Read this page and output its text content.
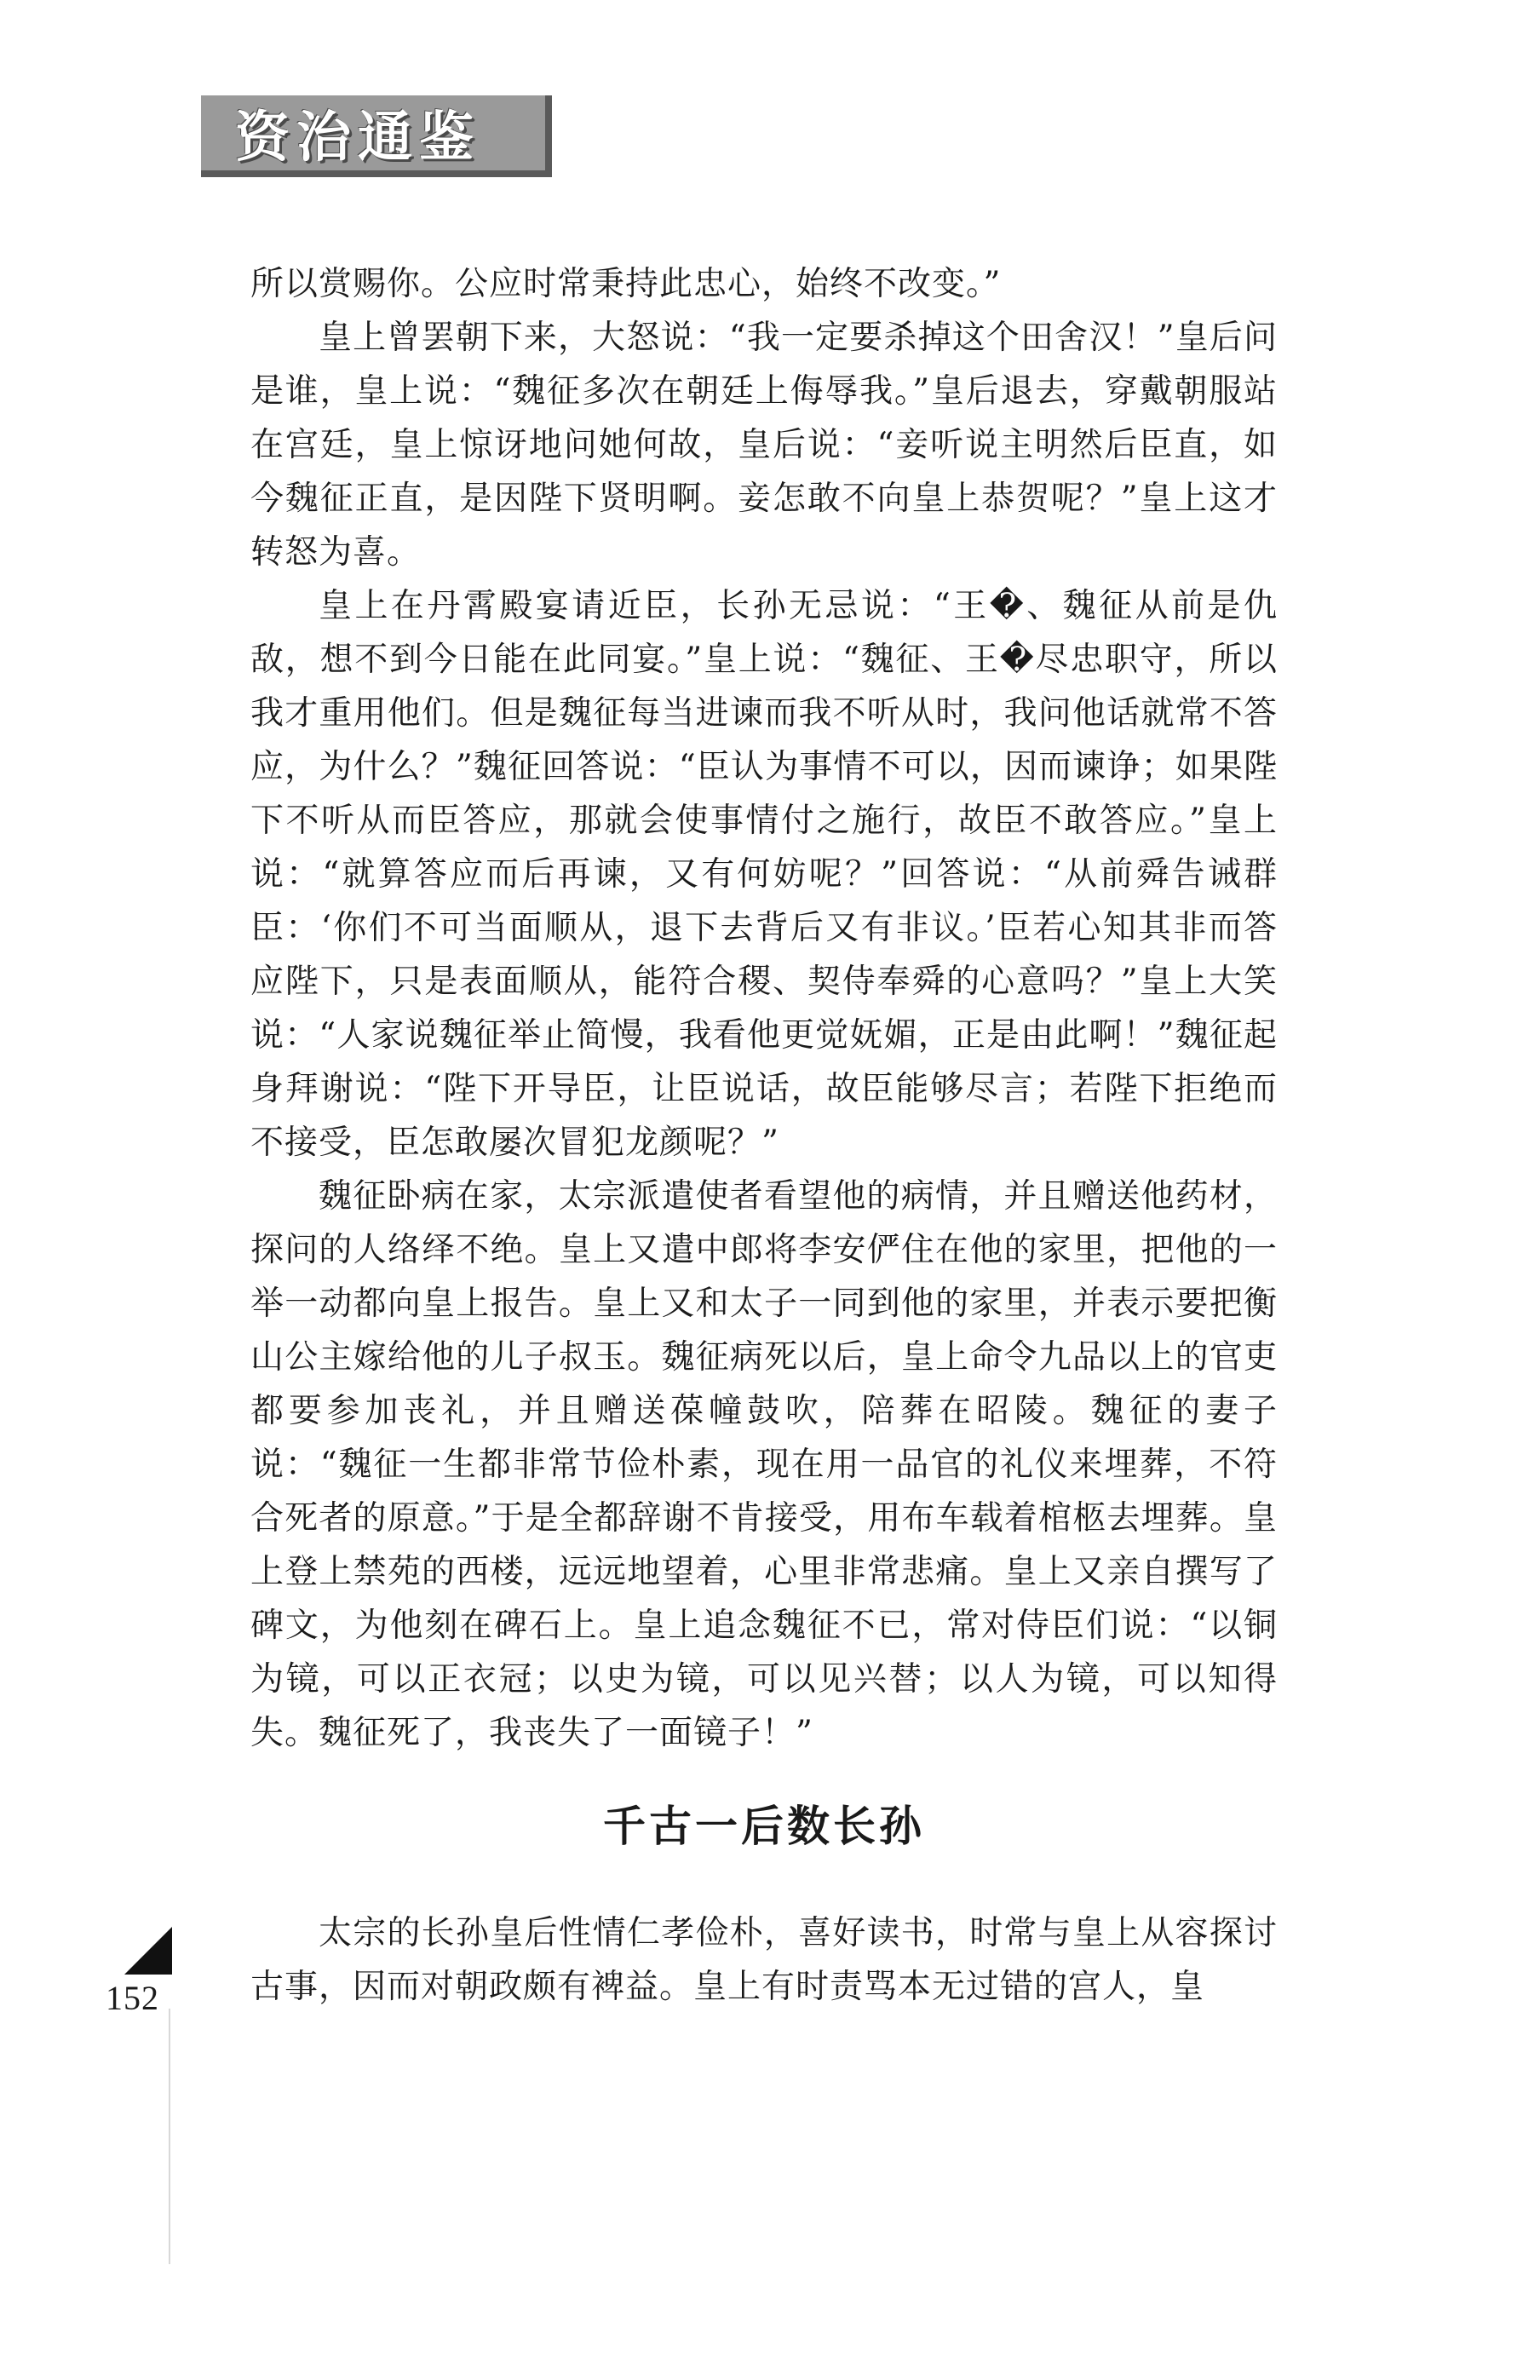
资治通鉴

所以赏赐你。公应时常秉持此忠心，始终不改变。”

皇上曾罢朝下来，大怒说：“我一定要杀掉这个田舍汉！”皇后问是谁，皇上说：“魏征多次在朝廷上侮辱我。”皇后退去，穿戴朝服站在宫廷，皇上惊讶地问她何故，皇后说：“妾听说主明然后臣直，如今魏征正直，是因陛下贤明啊。妾怎敢不向皇上恭贺呢？”皇上这才转怒为喜。

皇上在丹霄殿宴请近臣，长孙无忌说：“王�、魏征从前是仇敌，想不到今日能在此同宴。”皇上说：“魏征、王�尽忠职守，所以我才重用他们。但是魏征每当进谏而我不听从时，我问他话就常不答应，为什么？”魏征回答说：“臣认为事情不可以，因而谏诤；如果陛下不听从而臣答应，那就会使事情付之施行，故臣不敢答应。”皇上说：“就算答应而后再谏，又有何妨呢？”回答说：“从前舜告诫群臣：‘你们不可当面顺从，退下去背后又有非议。’臣若心知其非而答应陛下，只是表面顺从，能符合稷、契侍奉舜的心意吗？”皇上大笑说：“人家说魏征举止简慢，我看他更觉妩媚，正是由此啊！”魏征起身拜谢说：“陛下开导臣，让臣说话，故臣能够尽言；若陛下拒绝而不接受，臣怎敢屡次冒犯龙颜呢？”

魏征卧病在家，太宗派遣使者看望他的病情，并且赠送他药材，探问的人络绎不绝。皇上又遣中郎将李安俨住在他的家里，把他的一举一动都向皇上报告。皇上又和太子一同到他的家里，并表示要把衡山公主嫁给他的儿子叔玉。魏征病死以后，皇上命令九品以上的官吏都要参加丧礼，并且赠送葆幢鼓吹，陪葬在昭陵。魏征的妻子说：“魏征一生都非常节俭朴素，现在用一品官的礼仪来埋葬，不符合死者的原意。”于是全都辞谢不肯接受，用布车载着棺柩去埋葬。皇上登上禁苑的西楼，远远地望着，心里非常悲痛。皇上又亲自撰写了碑文，为他刻在碑石上。皇上追念魏征不已，常对侍臣们说：“以铜为镜，可以正衣冠；以史为镜，可以见兴替；以人为镜，可以知得失。魏征死了，我丧失了一面镜子！”

千古一后数长孙

太宗的长孙皇后性情仁孝俭朴，喜好读书，时常与皇上从容探讨古事，因而对朝政颇有裨益。皇上有时责骂本无过错的宫人，皇

152
